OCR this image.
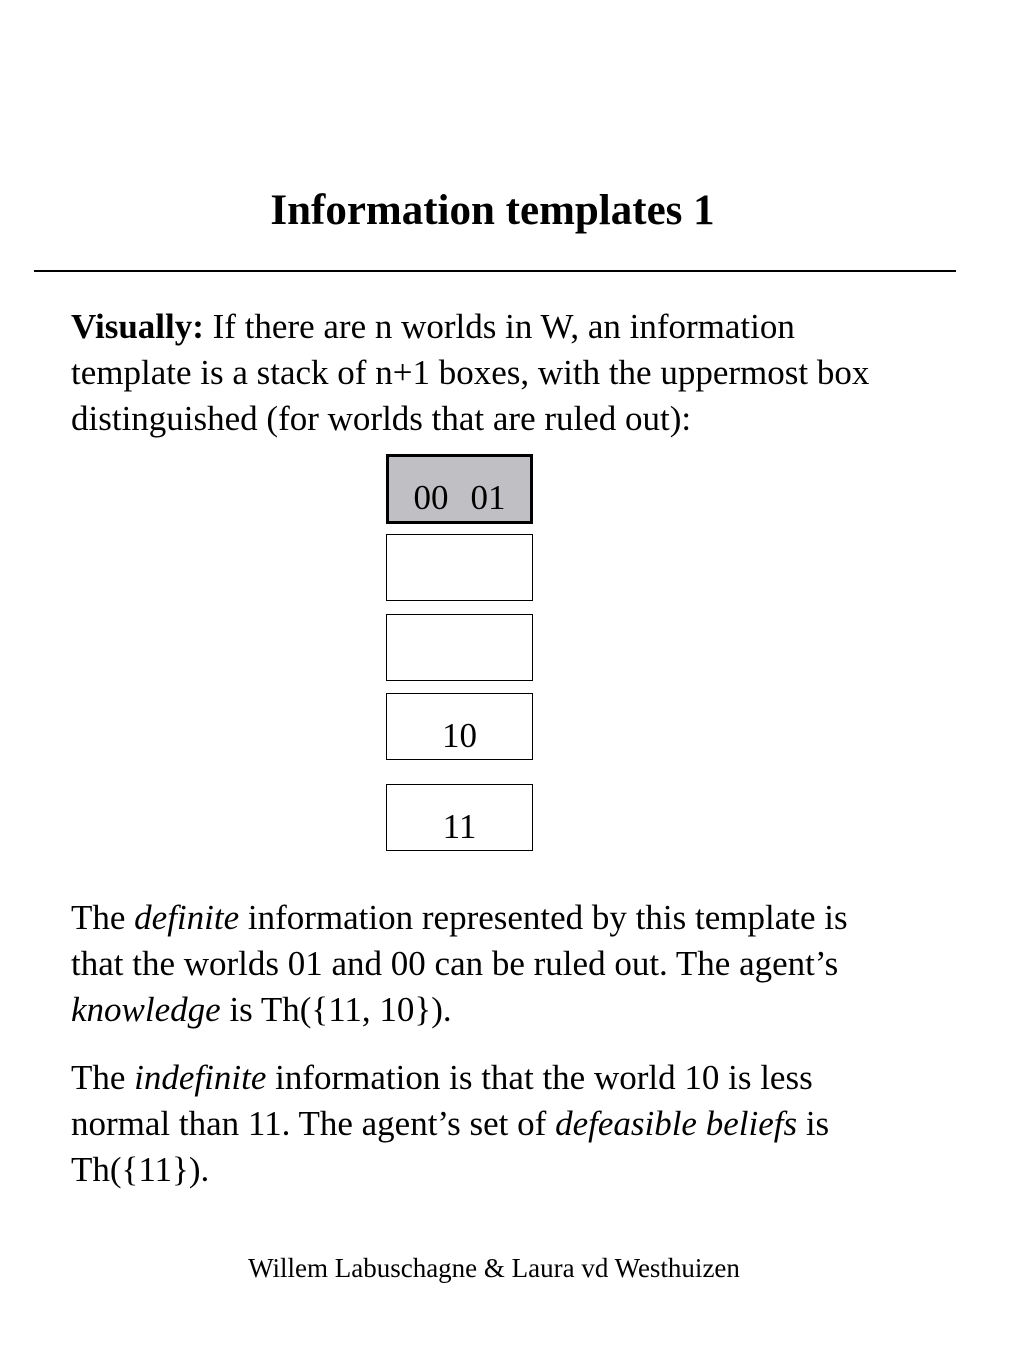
Information templates 1
Visually: If there are n worlds in W, an information
template is a stack of n+1 boxes, with the uppermost box
distinguished (for worlds that are ruled out):
00 01
10
11
The definite information represented by this template is
that the worlds 01 and 00 can be ruled out. The agent’s
knowledge is Th({11, 10}).
The indefinite information is that the world 10 is less
normal than 11. The agent’s set of defeasible beliefs is
Th({11}).
Willem Labuschagne & Laura vd Westhuizen
